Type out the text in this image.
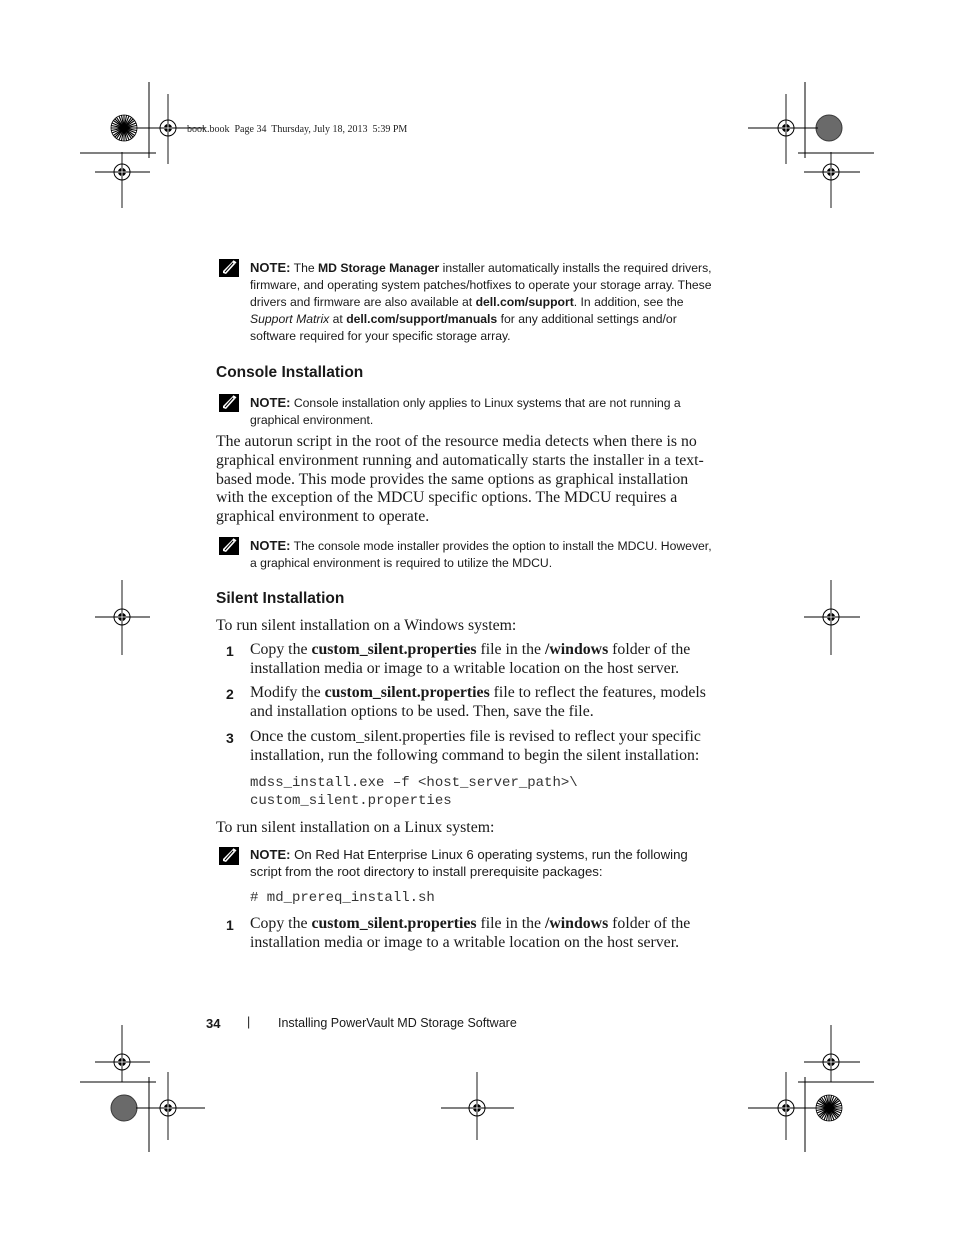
book.book  Page 34  Thursday, July 18, 2013  5:39 PM
NOTE: The MD Storage Manager installer automatically installs the required drivers, firmware, and operating system patches/hotfixes to operate your storage array. These drivers and firmware are also available at dell.com/support. In addition, see the Support Matrix at dell.com/support/manuals for any additional settings and/or software required for your specific storage array.
Console Installation
NOTE: Console installation only applies to Linux systems that are not running a graphical environment.
The autorun script in the root of the resource media detects when there is no graphical environment running and automatically starts the installer in a text-based mode. This mode provides the same options as graphical installation with the exception of the MDCU specific options. The MDCU requires a graphical environment to operate.
NOTE: The console mode installer provides the option to install the MDCU. However, a graphical environment is required to utilize the MDCU.
Silent Installation
To run silent installation on a Windows system:
1 Copy the custom_silent.properties file in the /windows folder of the installation media or image to a writable location on the host server.
2 Modify the custom_silent.properties file to reflect the features, models and installation options to be used. Then, save the file.
3 Once the custom_silent.properties file is revised to reflect your specific installation, run the following command to begin the silent installation:
mdss_install.exe –f <host_server_path>\
custom_silent.properties
To run silent installation on a Linux system:
NOTE: On Red Hat Enterprise Linux 6 operating systems, run the following script from the root directory to install prerequisite packages:
# md_prereq_install.sh
1 Copy the custom_silent.properties file in the /windows folder of the installation media or image to a writable location on the host server.
34 | Installing PowerVault MD Storage Software
